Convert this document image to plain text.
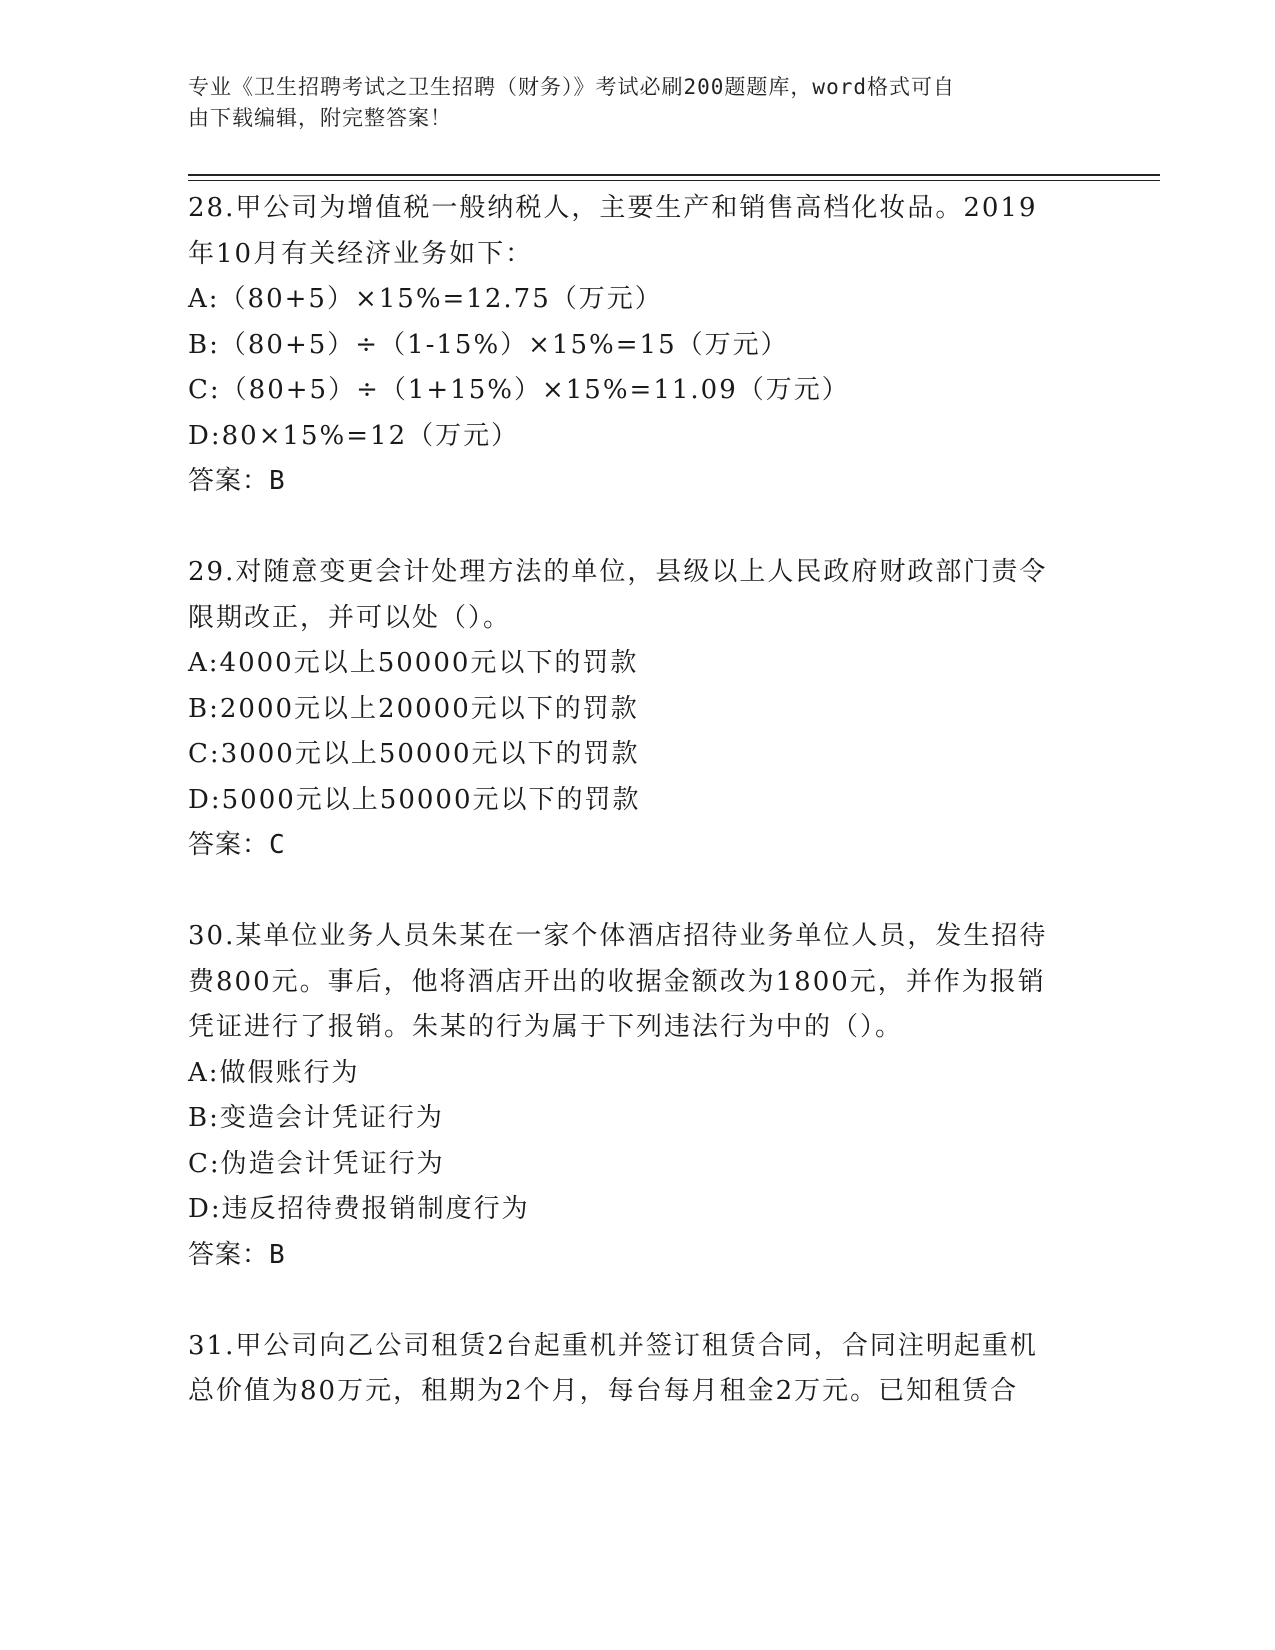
专业《卫生招聘考试之卫生招聘（财务）》考试必刷200题题库，word格式可自
由下载编辑，附完整答案！
28.甲公司为增值税一般纳税人，主要生产和销售高档化妆品。2019
年10月有关经济业务如下：
A:（80+5）×15%=12.75（万元）
B:（80+5）÷（1-15%）×15%=15（万元）
C:（80+5）÷（1+15%）×15%=11.09（万元）
D:80×15%=12（万元）
答案：B
29.对随意变更会计处理方法的单位，县级以上人民政府财政部门责令
限期改正，并可以处（）。
A:4000元以上50000元以下的罚款
B:2000元以上20000元以下的罚款
C:3000元以上50000元以下的罚款
D:5000元以上50000元以下的罚款
答案：C
30.某单位业务人员朱某在一家个体酒店招待业务单位人员，发生招待
费800元。事后，他将酒店开出的收据金额改为1800元，并作为报销
凭证进行了报销。朱某的行为属于下列违法行为中的（）。
A:做假账行为
B:变造会计凭证行为
C:伪造会计凭证行为
D:违反招待费报销制度行为
答案：B
31.甲公司向乙公司租赁2台起重机并签订租赁合同，合同注明起重机
总价值为80万元，租期为2个月，每台每月租金2万元。已知租赁合
